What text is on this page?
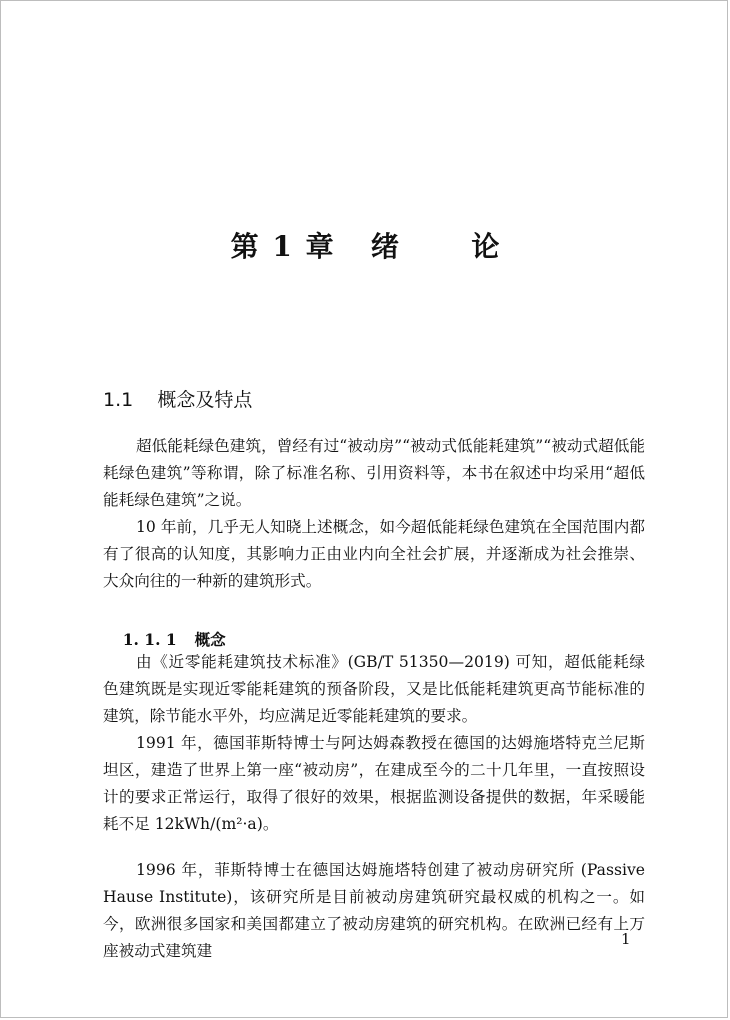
第 1 章   绪      论
1.1    概念及特点

超低能耗绿色建筑，曾经有过“被动房”“被动式低能耗建筑”“被动式超低能耗绿色建筑”等称谓，除了标准名称、引用资料等，本书在叙述中均采用“超低能耗绿色建筑”之说。

10 年前，几乎无人知晓上述概念，如今超低能耗绿色建筑在全国范围内都有了很高的认知度，其影响力正由业内向全社会扩展，并逐渐成为社会推崇、大众向往的一种新的建筑形式。

1. 1. 1 概念

由《近零能耗建筑技术标准》(GB/T 51350—2019) 可知，超低能耗绿色建筑既是实现近零能耗建筑的预备阶段，又是比低能耗建筑更高节能标准的建筑，除节能水平外，均应满足近零能耗建筑的要求。

1991 年，德国菲斯特博士与阿达姆森教授在德国的达姆施塔特克兰尼斯坦区，建造了世界上第一座“被动房”，在建成至今的二十几年里，一直按照设计的要求正常运行，取得了很好的效果，根据监测设备提供的数据，年采暖能耗不足 12kWh/(m²·a)。

1996 年，菲斯特博士在德国达姆施塔特创建了被动房研究所 (Passive Hause Institute)，该研究所是目前被动房建筑研究最权威的机构之一。如今，欧洲很多国家和美国都建立了被动房建筑的研究机构。在欧洲已经有上万座被动式建筑建

1
